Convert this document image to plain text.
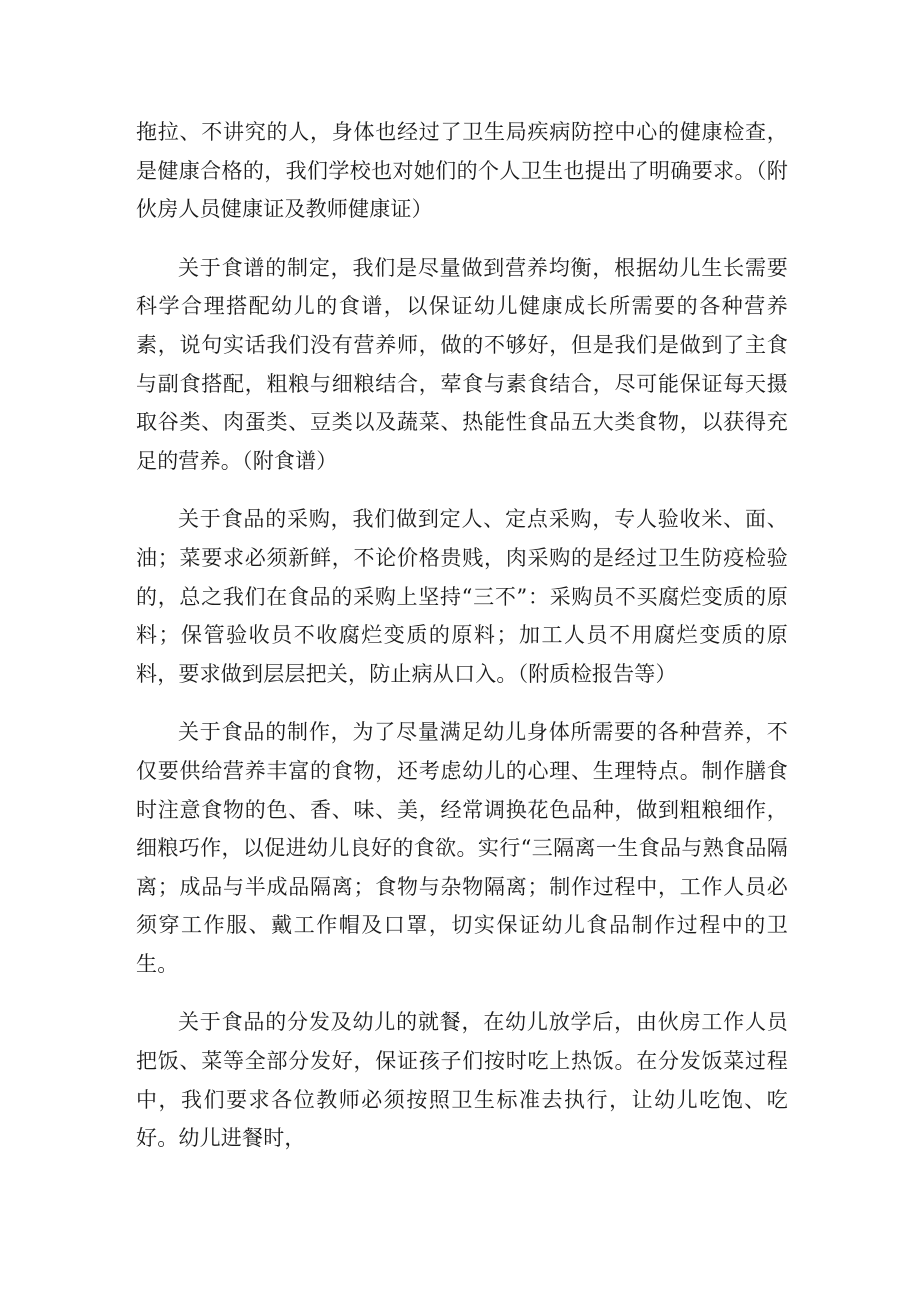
拖拉、不讲究的人，身体也经过了卫生局疾病防控中心的健康检查，是健康合格的，我们学校也对她们的个人卫生也提出了明确要求。（附伙房人员健康证及教师健康证）

关于食谱的制定，我们是尽量做到营养均衡，根据幼儿生长需要科学合理搭配幼儿的食谱，以保证幼儿健康成长所需要的各种营养素，说句实话我们没有营养师，做的不够好，但是我们是做到了主食与副食搭配，粗粮与细粮结合，荤食与素食结合，尽可能保证每天摄取谷类、肉蛋类、豆类以及蔬菜、热能性食品五大类食物，以获得充足的营养。（附食谱）

关于食品的采购，我们做到定人、定点采购，专人验收米、面、油；菜要求必须新鲜，不论价格贵贱，肉采购的是经过卫生防疫检验的，总之我们在食品的采购上坚持“三不”：采购员不买腐烂变质的原料；保管验收员不收腐烂变质的原料；加工人员不用腐烂变质的原料，要求做到层层把关，防止病从口入。（附质检报告等）

关于食品的制作，为了尽量满足幼儿身体所需要的各种营养，不仅要供给营养丰富的食物，还考虑幼儿的心理、生理特点。制作膳食时注意食物的色、香、味、美，经常调换花色品种，做到粗粮细作，细粮巧作，以促进幼儿良好的食欲。实行“三隔离一生食品与熟食品隔离；成品与半成品隔离；食物与杂物隔离；制作过程中，工作人员必须穿工作服、戴工作帽及口罩，切实保证幼儿食品制作过程中的卫生。

关于食品的分发及幼儿的就餐，在幼儿放学后，由伙房工作人员把饭、菜等全部分发好，保证孩子们按时吃上热饭。在分发饭菜过程中，我们要求各位教师必须按照卫生标准去执行，让幼儿吃饱、吃好。幼儿进餐时，
